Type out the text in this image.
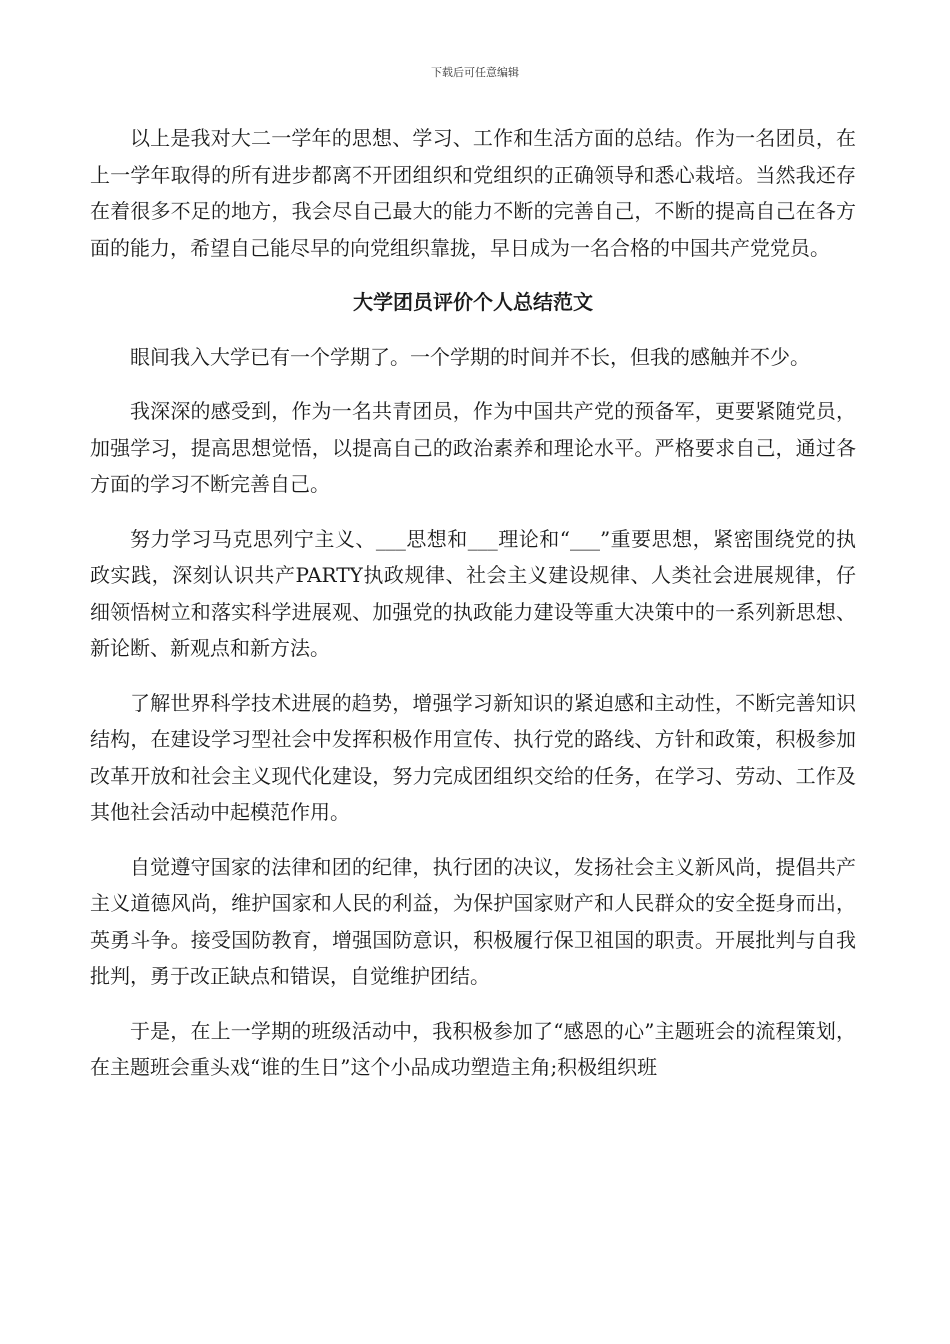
下载后可任意编辑

以上是我对大二一学年的思想、学习、工作和生活方面的总结。作为一名团员，在上一学年取得的所有进步都离不开团组织和党组织的正确领导和悉心栽培。当然我还存在着很多不足的地方，我会尽自己最大的能力不断的完善自己，不断的提高自己在各方面的能力，希望自己能尽早的向党组织靠拢，早日成为一名合格的中国共产党党员。

大学团员评价个人总结范文

眼间我入大学已有一个学期了。一个学期的时间并不长，但我的感触并不少。

我深深的感受到，作为一名共青团员，作为中国共产党的预备军，更要紧随党员，加强学习，提高思想觉悟，以提高自己的政治素养和理论水平。严格要求自己，通过各方面的学习不断完善自己。

努力学习马克思列宁主义、___思想和___理论和“___”重要思想，紧密围绕党的执政实践，深刻认识共产PARTY执政规律、社会主义建设规律、人类社会进展规律，仔细领悟树立和落实科学进展观、加强党的执政能力建设等重大决策中的一系列新思想、新论断、新观点和新方法。

了解世界科学技术进展的趋势，增强学习新知识的紧迫感和主动性，不断完善知识结构，在建设学习型社会中发挥积极作用宣传、执行党的路线、方针和政策，积极参加改革开放和社会主义现代化建设，努力完成团组织交给的任务，在学习、劳动、工作及其他社会活动中起模范作用。

自觉遵守国家的法律和团的纪律，执行团的决议，发扬社会主义新风尚，提倡共产主义道德风尚，维护国家和人民的利益，为保护国家财产和人民群众的安全挺身而出，英勇斗争。接受国防教育，增强国防意识，积极履行保卫祖国的职责。开展批判与自我批判，勇于改正缺点和错误，自觉维护团结。

于是，在上一学期的班级活动中，我积极参加了“感恩的心”主题班会的流程策划，在主题班会重头戏“谁的生日”这个小品成功塑造主角;积极组织班
